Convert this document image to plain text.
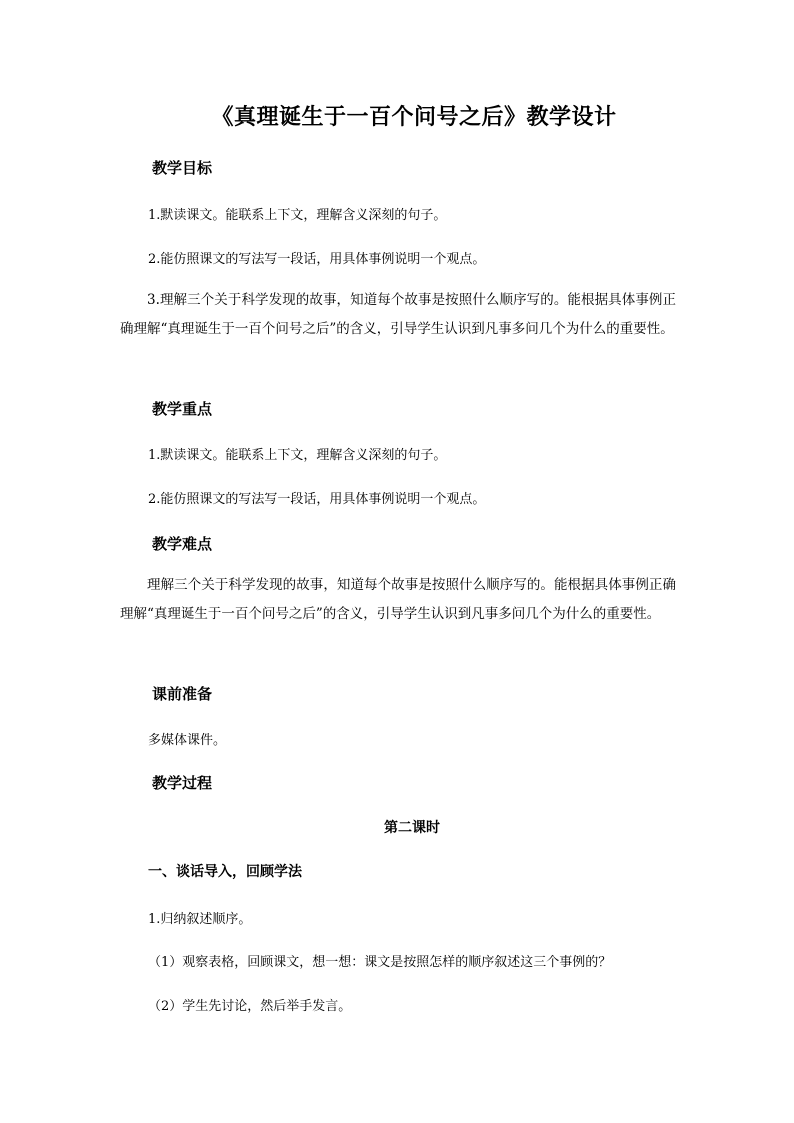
《真理诞生于一百个问号之后》教学设计
教学目标
1.默读课文。能联系上下文，理解含义深刻的句子。
2.能仿照课文的写法写一段话，用具体事例说明一个观点。
3.理解三个关于科学发现的故事，知道每个故事是按照什么顺序写的。能根据具体事例正确理解“真理诞生于一百个问号之后”的含义，引导学生认识到凡事多问几个为什么的重要性。
教学重点
1.默读课文。能联系上下文，理解含义深刻的句子。
2.能仿照课文的写法写一段话，用具体事例说明一个观点。
教学难点
理解三个关于科学发现的故事，知道每个故事是按照什么顺序写的。能根据具体事例正确理解“真理诞生于一百个问号之后”的含义，引导学生认识到凡事多问几个为什么的重要性。
课前准备
多媒体课件。
教学过程
第二课时
一、谈话导入，回顾学法
1.归纳叙述顺序。
（1）观察表格，回顾课文，想一想：课文是按照怎样的顺序叙述这三个事例的？
（2）学生先讨论，然后举手发言。
